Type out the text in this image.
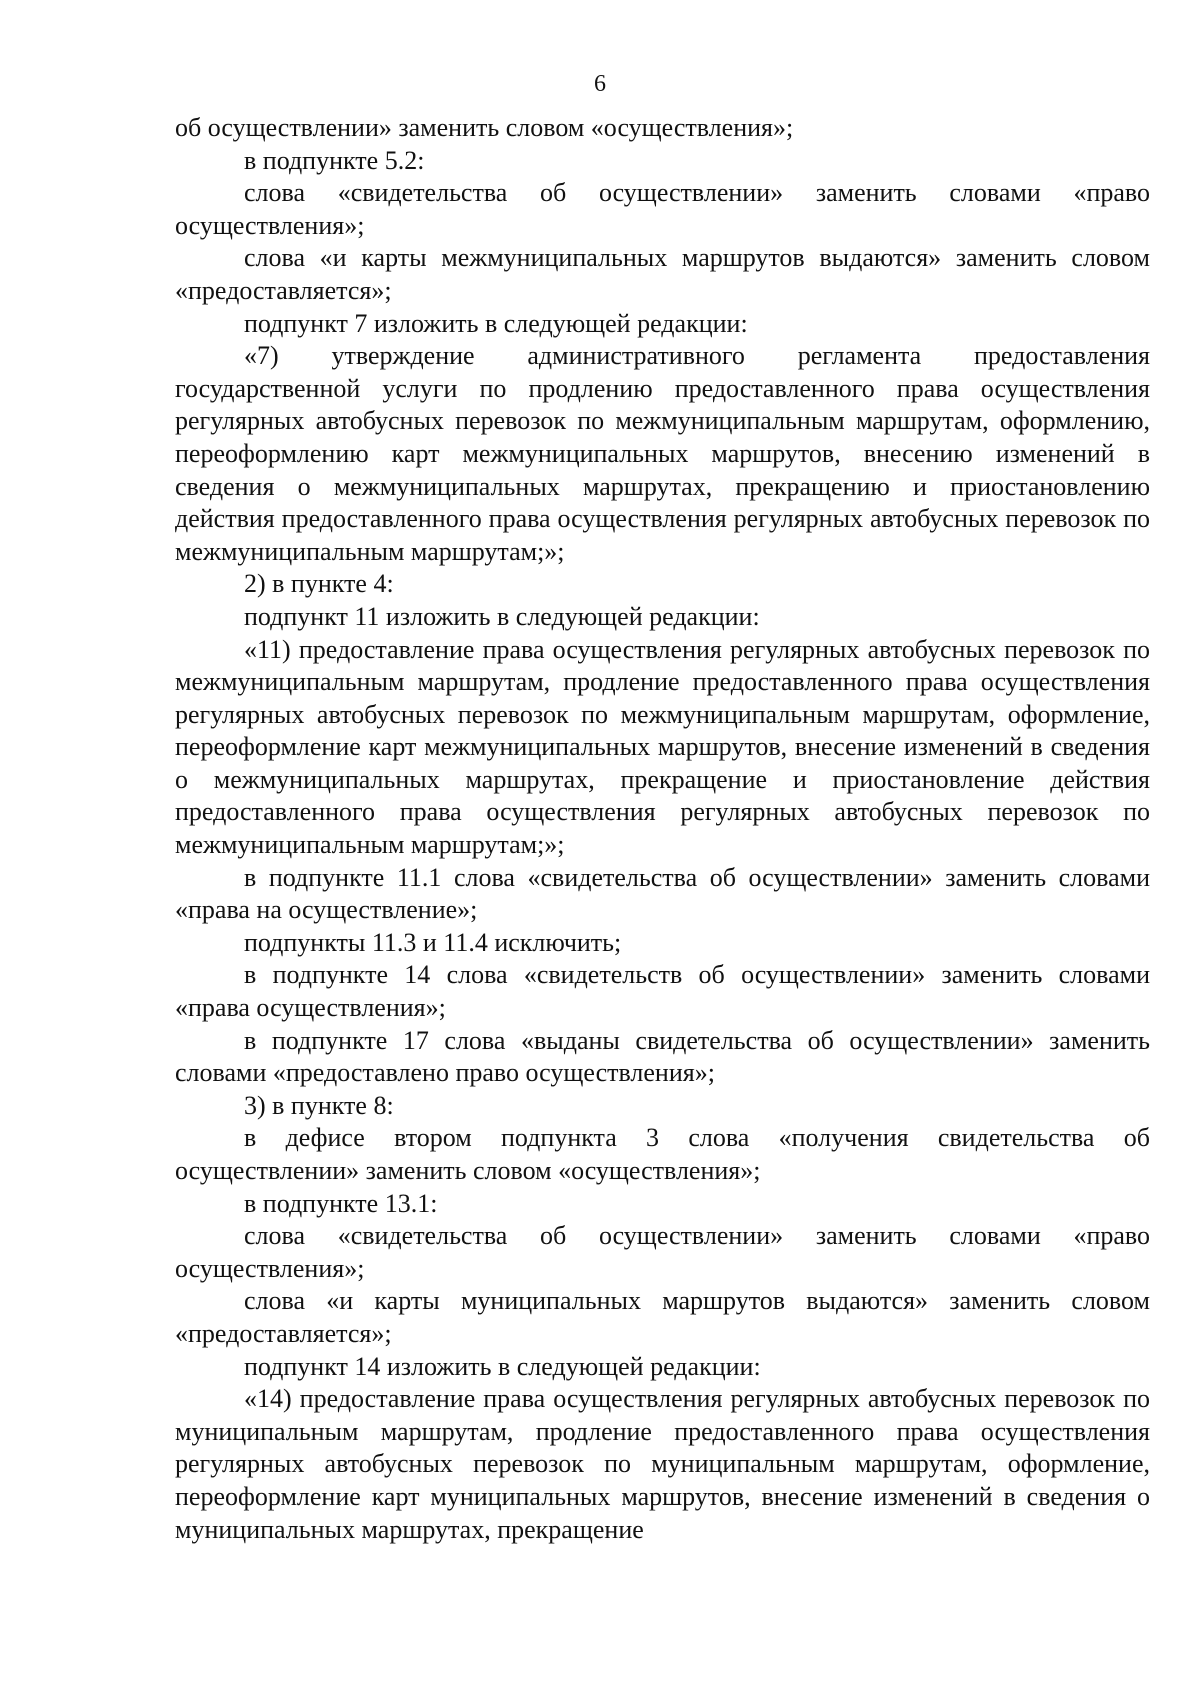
6

об осуществлении» заменить словом «осуществления»;

в подпункте 5.2:

слова «свидетельства об осуществлении» заменить словами «право осуществления»;

слова «и карты межмуниципальных маршрутов выдаются» заменить словом «предоставляется»;

подпункт 7 изложить в следующей редакции:

«7) утверждение административного регламента предоставления государственной услуги по продлению предоставленного права осуществления регулярных автобусных перевозок по межмуниципальным маршрутам, оформлению, переоформлению карт межмуниципальных маршрутов, внесению изменений в сведения о межмуниципальных маршрутах, прекращению и приостановлению действия предоставленного права осуществления регулярных автобусных перевозок по межмуниципальным маршрутам;»;

2) в пункте 4:

подпункт 11 изложить в следующей редакции:

«11) предоставление права осуществления регулярных автобусных перевозок по межмуниципальным маршрутам, продление предоставленного права осуществления регулярных автобусных перевозок по межмуниципальным маршрутам, оформление, переоформление карт межмуниципальных маршрутов, внесение изменений в сведения о межмуниципальных маршрутах, прекращение и приостановление действия предоставленного права осуществления регулярных автобусных перевозок по межмуниципальным маршрутам;»;

в подпункте 11.1 слова «свидетельства об осуществлении» заменить словами «права на осуществление»;

подпункты 11.3 и 11.4 исключить;

в подпункте 14 слова «свидетельств об осуществлении» заменить словами «права осуществления»;

в подпункте 17 слова «выданы свидетельства об осуществлении» заменить словами «предоставлено право осуществления»;

3) в пункте 8:

в дефисе втором подпункта 3 слова «получения свидетельства об осуществлении» заменить словом «осуществления»;

в подпункте 13.1:

слова «свидетельства об осуществлении» заменить словами «право осуществления»;

слова «и карты муниципальных маршрутов выдаются» заменить словом «предоставляется»;

подпункт 14 изложить в следующей редакции:

«14) предоставление права осуществления регулярных автобусных перевозок по муниципальным маршрутам, продление предоставленного права осуществления регулярных автобусных перевозок по муниципальным маршрутам, оформление, переоформление карт муниципальных маршрутов, внесение изменений в сведения о муниципальных маршрутах, прекращение
